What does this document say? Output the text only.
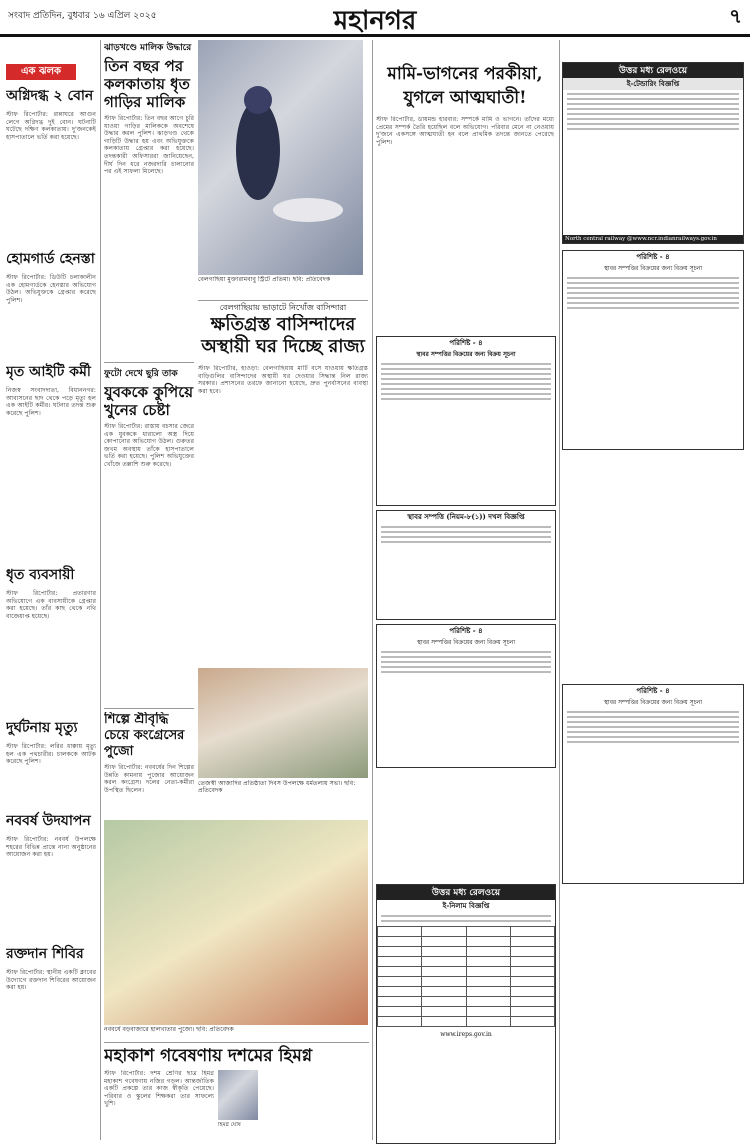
সংবাদ প্রতিদিন, বুধবার ১৬ এপ্রিল ২০২৫	মহানগর	৭
এক ঝলক
অগ্নিদগ্ধ ২ বোন
স্টাফ রিপোর্টার: রান্নাঘরে আগুন লেগে অগ্নিদগ্ধ দুই বোন। ঘটনাটি ঘটেছে দক্ষিণ কলকাতায়। দু'জনকেই হাসপাতালে ভর্তি করা হয়েছে।
হোমগার্ড হেনস্তা
স্টাফ রিপোর্টার: ডিউটি চলাকালীন এক হোমগার্ডকে হেনস্তার অভিযোগ উঠল। অভিযুক্তকে গ্রেপ্তার করেছে পুলিশ।
মৃত আইটি কর্মী
নিজস্ব সংবাদদাতা, বিধাননগর: আবাসনের ছাদ থেকে পড়ে মৃত্যু হল এক আইটি কর্মীর। ঘটনার তদন্ত শুরু করেছে পুলিশ।
ধৃত ব্যবসায়ী
স্টাফ রিপোর্টার: প্রতারণার অভিযোগে এক ব্যবসায়ীকে গ্রেপ্তার করা হয়েছে। তাঁর কাছ থেকে নথি বাজেয়াপ্ত হয়েছে।
দুর্ঘটনায় মৃত্যু
স্টাফ রিপোর্টার: লরির ধাক্কায় মৃত্যু হল এক পথচারীর। চালককে আটক করেছে পুলিশ।
নববর্ষ উদযাপন
স্টাফ রিপোর্টার: নববর্ষ উপলক্ষে শহরের বিভিন্ন প্রান্তে নানা অনুষ্ঠানের আয়োজন করা হয়।
রক্তদান শিবির
স্টাফ রিপোর্টার: স্থানীয় একটি ক্লাবের উদ্যোগে রক্তদান শিবিরের আয়োজন করা হয়।
ঝাড়খণ্ডে মালিক উদ্ধারে
তিন বছর পর কলকাতায় ধৃত গাড়ির মালিক
স্টাফ রিপোর্টার: তিন বছর আগে চুরি যাওয়া গাড়ির মালিককে অবশেষে উদ্ধার করল পুলিশ। ঝাড়খণ্ড থেকে গাড়িটি উদ্ধার হয় এবং অভিযুক্তকে কলকাতায় গ্রেপ্তার করা হয়েছে। তদন্তকারী অফিসাররা জানিয়েছেন, দীর্ঘ দিন ধরে নজরদারি চালানোর পর এই সাফল্য মিলেছে।
বেলগাছিয়া মুক্তারামবাবু স্ট্রিটে প্রতিমা। ছবি: প্রতিবেদক
বেলগাছিয়ায় ভাড়াটে নিখোঁজ বাসিন্দারা
ক্ষতিগ্রস্ত বাসিন্দাদের অস্থায়ী ঘর দিচ্ছে রাজ্য
স্টাফ রিপোর্টার, হাওড়া: বেলগাছিয়ায় মাটি বসে যাওয়ায় ক্ষতিগ্রস্ত বাড়িগুলির বাসিন্দাদের অস্থায়ী ঘর দেওয়ার সিদ্ধান্ত নিল রাজ্য সরকার। প্রশাসনের তরফে জানানো হয়েছে, দ্রুত পুনর্বাসনের ব্যবস্থা করা হবে।
ফুটো দেখে ছুরি তাক
যুবককে কুপিয়ে খুনের চেষ্টা
স্টাফ রিপোর্টার: রাস্তায় বচসার জেরে এক যুবককে ধারালো অস্ত্র দিয়ে কোপানোর অভিযোগ উঠল। গুরুতর জখম অবস্থায় তাঁকে হাসপাতালে ভর্তি করা হয়েছে। পুলিশ অভিযুক্তের খোঁজে তল্লাশি শুরু করেছে।
শিল্পে শ্রীবৃদ্ধি চেয়ে কংগ্রেসের পুজো
স্টাফ রিপোর্টার: নববর্ষের দিন শিল্পের উন্নতি কামনায় পুজোর আয়োজন করল কংগ্রেস। দলের নেতা-কর্মীরা উপস্থিত ছিলেন।
তেজস্বী আজাদির প্রতিষ্ঠাতা দিবস উপলক্ষে ধর্মতলায় সভা। ছবি: প্রতিবেদক
নববর্ষে বড়বাজারে হালখাতার পুজো। ছবি: প্রতিবেদক
মহাকাশ গবেষণায় দশমের হিমগ্ন
স্টাফ রিপোর্টার: দশম শ্রেণির ছাত্র হিমগ্ন মহাকাশ গবেষণায় নজির গড়ল। আন্তর্জাতিক একটি প্রকল্পে তার কাজ স্বীকৃতি পেয়েছে। পরিবার ও স্কুলের শিক্ষকরা তার সাফল্যে খুশি।
হিমগ্ন ঘোষ
মামি-ভাগনের পরকীয়া, যুগলে আত্মঘাতী!
স্টাফ রিপোর্টার, ডায়মন্ড হারবার: সম্পর্কে মামি ও ভাগনে। তাঁদের মধ্যে প্রেমের সম্পর্ক তৈরি হয়েছিল বলে অভিযোগ। পরিবার মেনে না নেওয়ায় দু'জনে একসঙ্গে আত্মঘাতী হন বলে প্রাথমিক তদন্তে জানতে পেরেছে পুলিশ।
পরিশিষ্ট - ৪
স্থাবর সম্পত্তির বিক্রয়ের জন্য বিক্রয় সূচনা
স্থাবর সম্পত্তি (নিয়ম-৮(১)) দখল বিজ্ঞপ্তি
পরিশিষ্ট - ৪
স্থাবর সম্পত্তির বিক্রয়ের জন্য বিক্রয় সূচনা
উত্তর মধ্য রেলওয়ে
ই-নিলাম বিজ্ঞপ্তি

www.ireps.gov.in
উত্তর মধ্য রেলওয়ে
ই-টেন্ডারিং বিজ্ঞপ্তি
North central railway @www.ncr.indianrailways.gov.in
পরিশিষ্ট - ৪
স্থাবর সম্পত্তির বিক্রয়ের জন্য বিক্রয় সূচনা
পরিশিষ্ট - ৪
স্থাবর সম্পত্তির বিক্রয়ের জন্য বিক্রয় সূচনা
